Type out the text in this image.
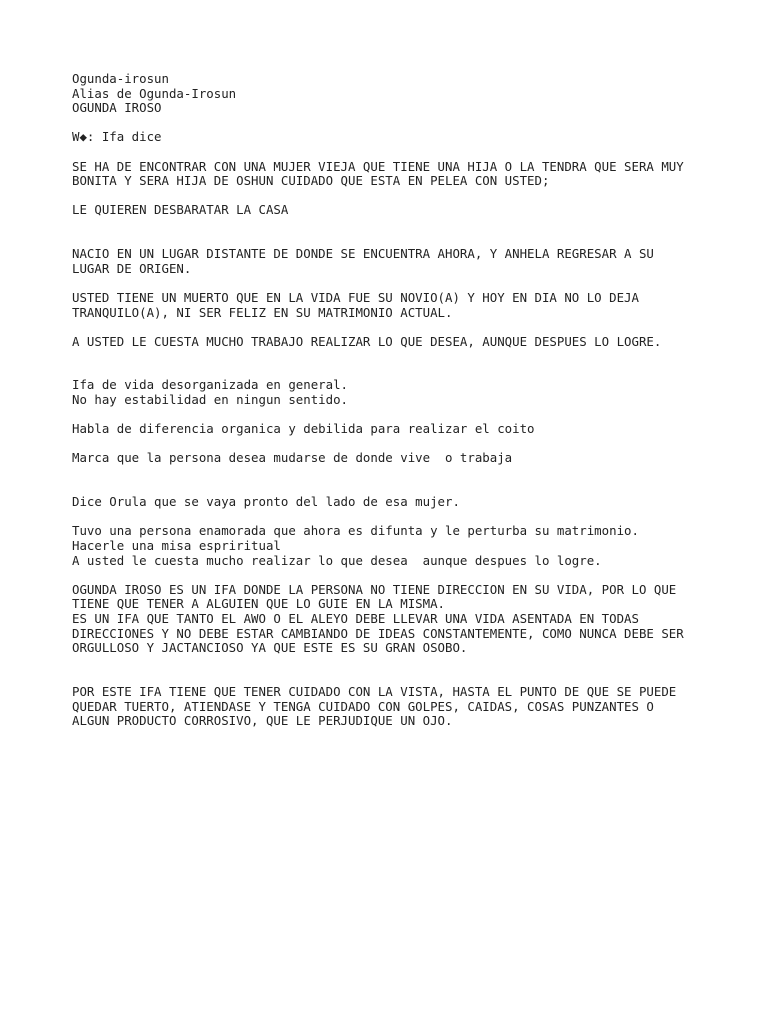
Ogunda-irosun
Alias de Ogunda-Irosun
OGUNDA IROSO
W◆: Ifa dice
SE HA DE ENCONTRAR CON UNA MUJER VIEJA QUE TIENE UNA HIJA O LA TENDRA QUE SERA MUY
BONITA Y SERA HIJA DE OSHUN CUIDADO QUE ESTA EN PELEA CON USTED;
LE QUIEREN DESBARATAR LA CASA
NACIO EN UN LUGAR DISTANTE DE DONDE SE ENCUENTRA AHORA, Y ANHELA REGRESAR A SU
LUGAR DE ORIGEN.
USTED TIENE UN MUERTO QUE EN LA VIDA FUE SU NOVIO(A) Y HOY EN DIA NO LO DEJA
TRANQUILO(A), NI SER FELIZ EN SU MATRIMONIO ACTUAL.
A USTED LE CUESTA MUCHO TRABAJO REALIZAR LO QUE DESEA, AUNQUE DESPUES LO LOGRE.
Ifa de vida desorganizada en general.
No hay estabilidad en ningun sentido.
Habla de diferencia organica y debilida para realizar el coito
Marca que la persona desea mudarse de donde vive  o trabaja
Dice Orula que se vaya pronto del lado de esa mujer.
Tuvo una persona enamorada que ahora es difunta y le perturba su matrimonio.
Hacerle una misa espriritual
A usted le cuesta mucho realizar lo que desea  aunque despues lo logre.
OGUNDA IROSO ES UN IFA DONDE LA PERSONA NO TIENE DIRECCION EN SU VIDA, POR LO QUE
TIENE QUE TENER A ALGUIEN QUE LO GUIE EN LA MISMA.
ES UN IFA QUE TANTO EL AWO O EL ALEYO DEBE LLEVAR UNA VIDA ASENTADA EN TODAS
DIRECCIONES Y NO DEBE ESTAR CAMBIANDO DE IDEAS CONSTANTEMENTE, COMO NUNCA DEBE SER
ORGULLOSO Y JACTANCIOSO YA QUE ESTE ES SU GRAN OSOBO.
POR ESTE IFA TIENE QUE TENER CUIDADO CON LA VISTA, HASTA EL PUNTO DE QUE SE PUEDE
QUEDAR TUERTO, ATIENDASE Y TENGA CUIDADO CON GOLPES, CAIDAS, COSAS PUNZANTES O
ALGUN PRODUCTO CORROSIVO, QUE LE PERJUDIQUE UN OJO.
